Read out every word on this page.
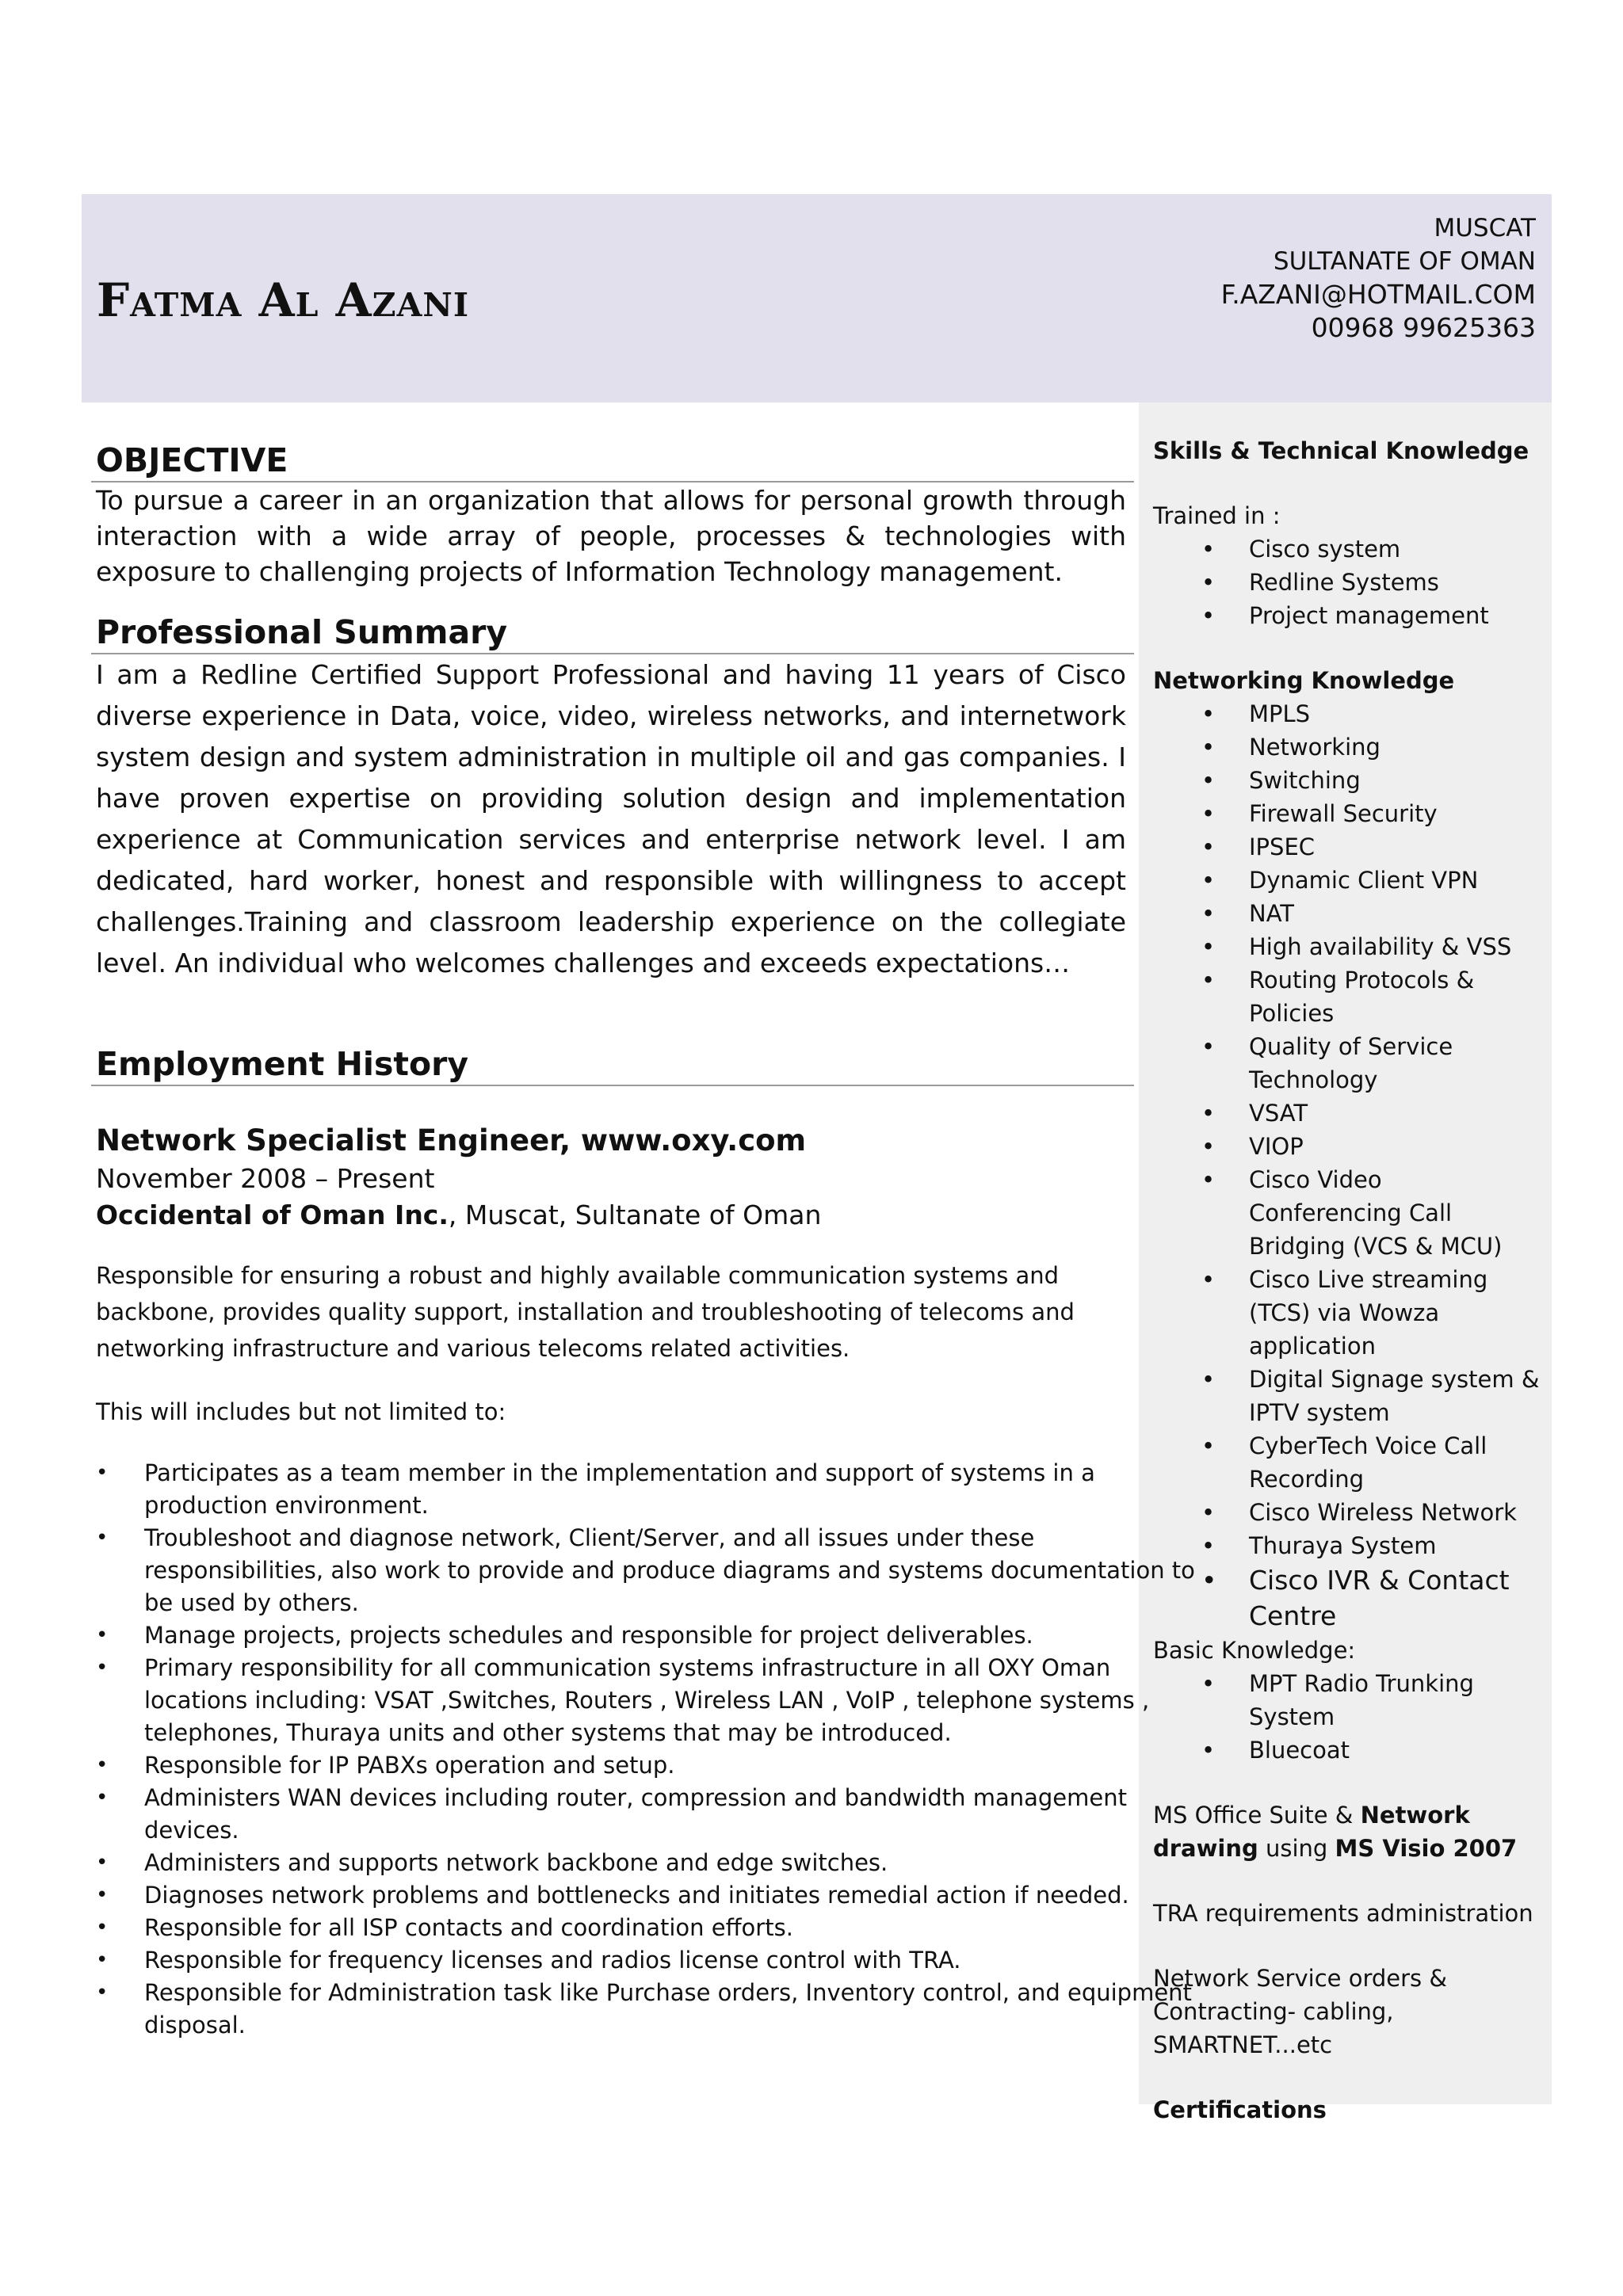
Fatma Al Azani
MUSCAT
SULTANATE OF OMAN
F.AZANI@HOTMAIL.COM
00968 99625363
OBJECTIVE

To pursue a career in an organization that allows for personal growth through interaction with a wide array of people, processes & technologies with exposure to challenging projects of Information Technology management.

Professional Summary

I am a Redline Certified Support Professional and having 11 years of Cisco diverse experience in Data, voice, video, wireless networks, and internetwork system design and system administration in multiple oil and gas companies. I have proven expertise on providing solution design and implementation experience at Communication services and enterprise network level. I am dedicated, hard worker, honest and responsible with willingness to accept challenges.Training and classroom leadership experience on the collegiate level. An individual who welcomes challenges and exceeds expectations…

Employment History

Network Specialist Engineer, www.oxy.com

November 2008 – Present

Occidental of Oman Inc., Muscat, Sultanate of Oman

Responsible for ensuring a robust and highly available communication systems and backbone, provides quality support, installation and troubleshooting of telecoms and networking infrastructure and various telecoms related activities.

This will includes but not limited to:

• Participates as a team member in the implementation and support of systems in a production environment.
• Troubleshoot and diagnose network, Client/Server, and all issues under these responsibilities, also work to provide and produce diagrams and systems documentation to be used by others.
• Manage projects, projects schedules and responsible for project deliverables.
• Primary responsibility for all communication systems infrastructure in all OXY Oman locations including: VSAT ,Switches, Routers , Wireless LAN , VoIP , telephone systems , telephones, Thuraya units and other systems that may be introduced.
• Responsible for IP PABXs operation and setup.
• Administers WAN devices including router, compression and bandwidth management devices.
• Administers and supports network backbone and edge switches.
• Diagnoses network problems and bottlenecks and initiates remedial action if needed.
• Responsible for all ISP contacts and coordination efforts.
• Responsible for frequency licenses and radios license control with TRA.
• Responsible for Administration task like Purchase orders, Inventory control, and equipment disposal.

Skills & Technical Knowledge

Trained in :

• Cisco system
• Redline Systems
• Project management

Networking Knowledge

• MPLS
• Networking
• Switching
• Firewall Security
• IPSEC
• Dynamic Client VPN
• NAT
• High availability & VSS
• Routing Protocols & Policies
• Quality of Service Technology
• VSAT
• VIOP
• Cisco Video Conferencing Call Bridging (VCS & MCU)
• Cisco Live streaming (TCS) via Wowza application
• Digital Signage system & IPTV system
• CyberTech Voice Call Recording
• Cisco Wireless Network
• Thuraya System
• Cisco IVR & Contact Centre

Basic Knowledge:

• MPT Radio Trunking System
• Bluecoat

MS Office Suite & Network drawing using MS Visio 2007

TRA requirements administration

Network Service orders & Contracting- cabling, SMARTNET...etc

Certifications
